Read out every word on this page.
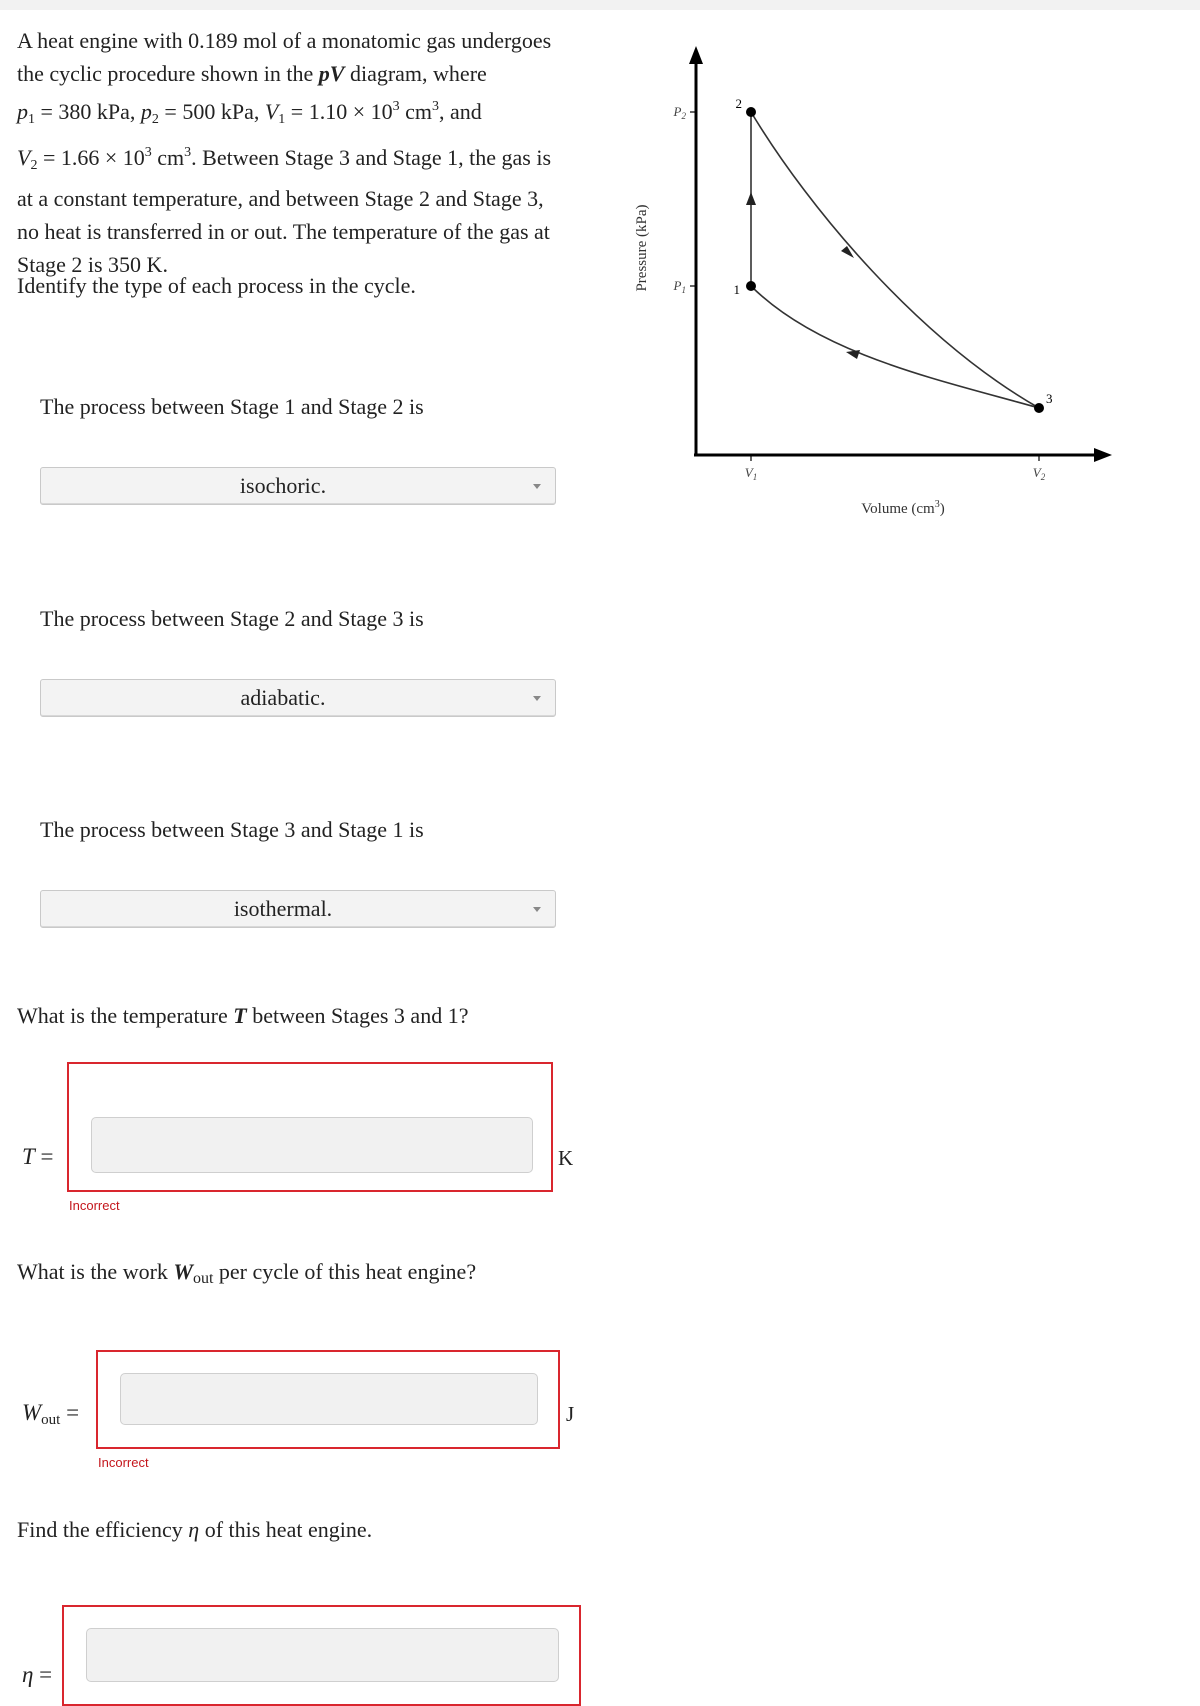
A heat engine with 0.189 mol of a monatomic gas undergoes
the cyclic procedure shown in the pV diagram, where
$p_1 = 380$ kPa, $p_2 = 500$ kPa, $V_1 = 1.10 \times 10^3$ $cm^3$, and
$V_2 = 1.66 \times 10^3$ $cm^3$. Between Stage 3 and Stage 1, the gas is
at a constant temperature, and between Stage 2 and Stage 3,
no heat is transferred in or out. The temperature of the gas at
Stage 2 is 350 K.
Identify the type of each process in the cycle.
The process between Stage 1 and Stage 2 is
isochoric.
The process between Stage 2 and Stage 3 is
adiabatic.
The process between Stage 3 and Stage 1 is
isothermal.
What is the temperature T between Stages 3 and 1?
T =	K
Incorrect
What is the work $W_{out}$ per cycle of this heat engine?
$W_{out}$ =	J
Incorrect
Find the efficiency η of this heat engine.
η =
2
1
3
$P_2$
$P_1$
$V_1$	$V_2$
Pressure (kPa)
Volume $(cm^3)$
